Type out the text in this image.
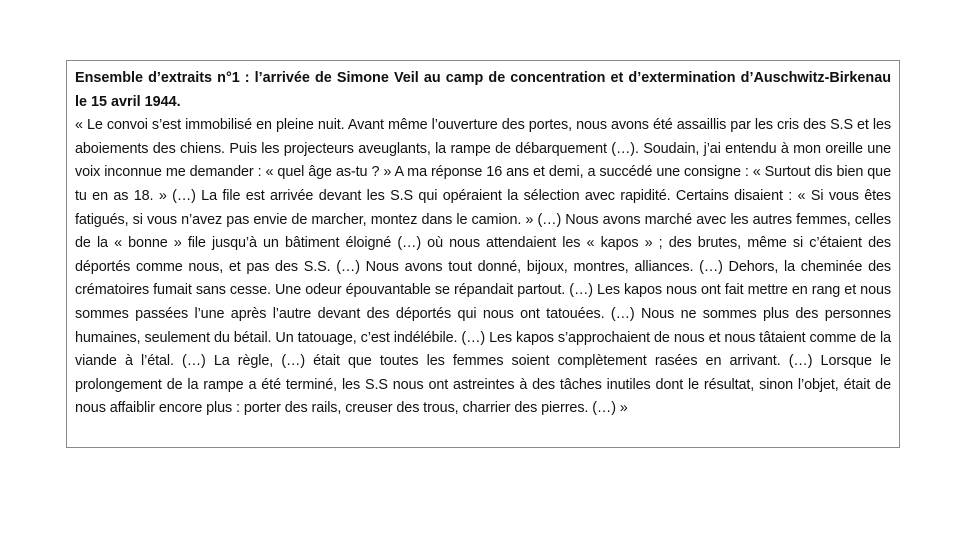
Ensemble d’extraits n°1 : l’arrivée de Simone Veil au camp de concentration et d’extermination d’Auschwitz-Birkenau le 15 avril 1944.

« Le convoi s’est immobilisé en pleine nuit. Avant même l’ouverture des portes, nous avons été assaillis par les cris des S.S et les aboiements des chiens. Puis les projecteurs aveuglants, la rampe de débarquement (…). Soudain, j’ai entendu à mon oreille une voix inconnue me demander : « quel âge as-tu ? » A ma réponse 16 ans et demi, a succédé une consigne : « Surtout dis bien que tu en as 18. » (…) La file est arrivée devant les S.S qui opéraient la sélection avec rapidité. Certains disaient : « Si vous êtes fatigués, si vous n’avez pas envie de marcher, montez dans le camion. » (…) Nous avons marché avec les autres femmes, celles de la « bonne » file jusqu’à un bâtiment éloigné (…) où nous attendaient les « kapos » ; des brutes, même si c’étaient des déportés comme nous, et pas des S.S. (…) Nous avons tout donné, bijoux, montres, alliances. (…) Dehors, la cheminée des crématoires fumait sans cesse. Une odeur épouvantable se répandait partout. (…) Les kapos nous ont fait mettre en rang et nous sommes passées l’une après l’autre devant des déportés qui nous ont tatouées. (…) Nous ne sommes plus des personnes humaines, seulement du bétail. Un tatouage, c’est indélébile. (…) Les kapos s’approchaient de nous et nous tâtaient comme de la viande à l’étal. (…) La règle, (…) était que toutes les femmes soient complètement rasées en arrivant. (…) Lorsque le prolongement de la rampe a été terminé, les S.S nous ont astreintes à des tâches inutiles dont le résultat, sinon l’objet, était de nous affaiblir encore plus : porter des rails, creuser des trous, charrier des pierres. (…) »
